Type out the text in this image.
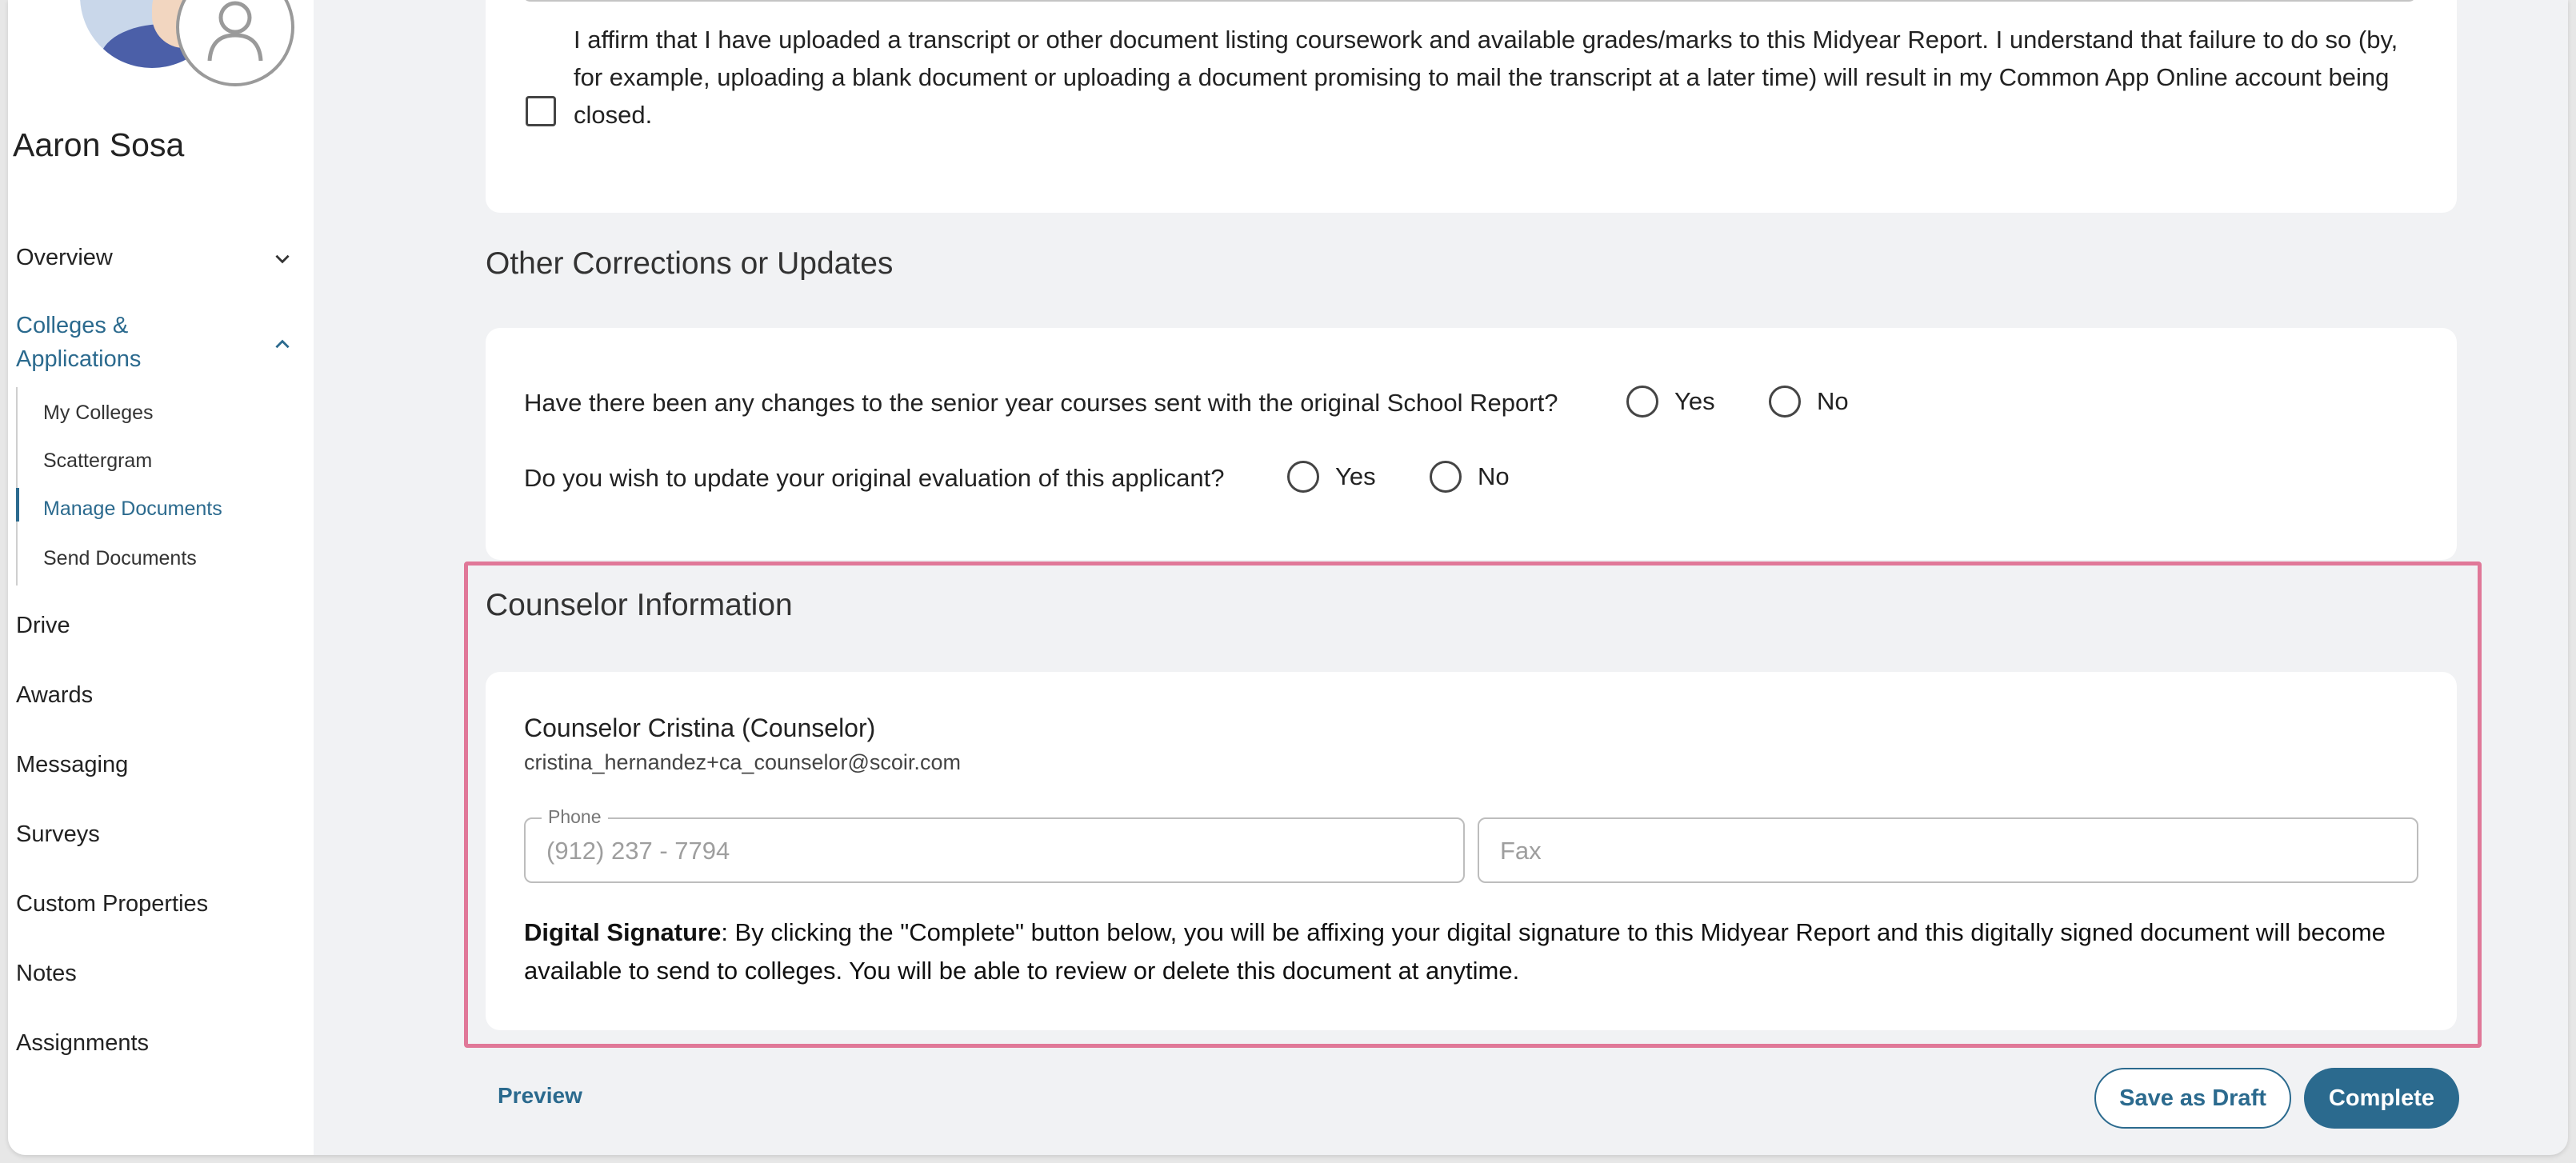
Aaron Sosa
Overview
Colleges & Applications
My Colleges
Scattergram
Manage Documents
Send Documents
Drive
Awards
Messaging
Surveys
Custom Properties
Notes
Assignments
I affirm that I have uploaded a transcript or other document listing coursework and available grades/marks to this Midyear Report. I understand that failure to do so (by, for example, uploading a blank document or uploading a document promising to mail the transcript at a later time) will result in my Common App Online account being closed.
Other Corrections or Updates
Have there been any changes to the senior year courses sent with the original School Report?	Yes	No
Do you wish to update your original evaluation of this applicant?	Yes	No
Counselor Information
Counselor Cristina (Counselor)
cristina_hernandez+ca_counselor@scoir.com
Phone
(912) 237 - 7794
Fax
Digital Signature: By clicking the "Complete" button below, you will be affixing your digital signature to this Midyear Report and this digitally signed document will become available to send to colleges. You will be able to review or delete this document at anytime.
Preview	Save as Draft	Complete
